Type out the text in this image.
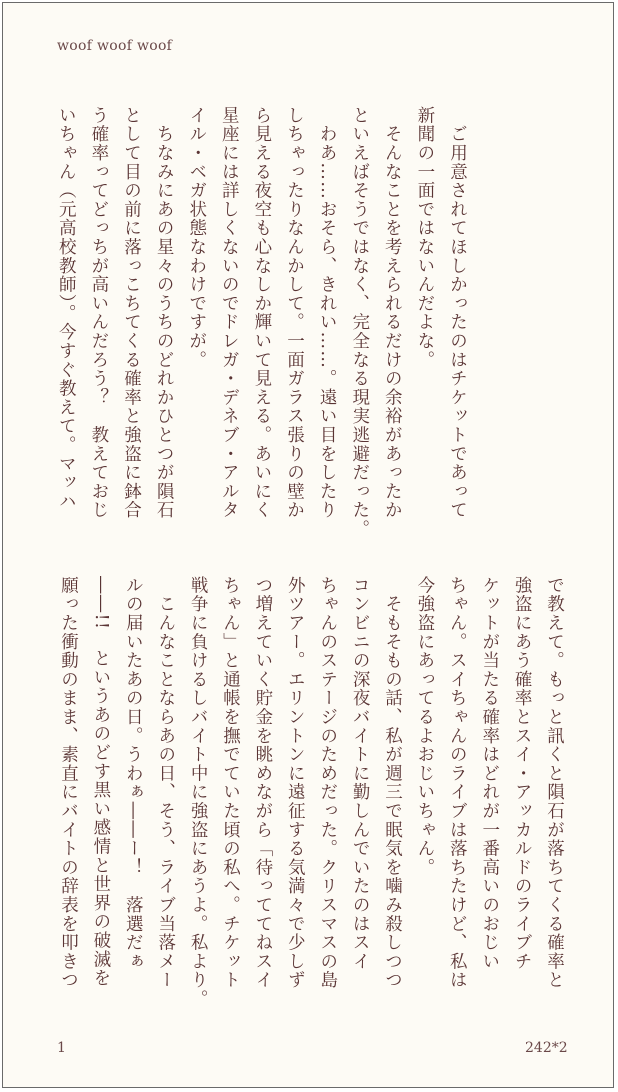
woof woof woof
　ご用意されてほしかったのはチケットであって
新聞の一面ではないんだよな。
　そんなことを考えられるだけの余裕があったか
といえばそうではなく、完全なる現実逃避だった。
　わあ……おそら、きれい……。遠い目をしたり
しちゃったりなんかして。一面ガラス張りの壁か
ら見える夜空も心なしか輝いて見える。あいにく
星座には詳しくないのでドレガ・デネブ・アルタ
イル・ベガ状態なわけですが。
　ちなみにあの星々のうちのどれかひとつが隕石
として目の前に落っこちてくる確率と強盗に鉢合
う確率ってどっちが高いんだろう？　教えておじ
いちゃん（元高校教師）。今すぐ教えて。マッハ
で教えて。もっと訊くと隕石が落ちてくる確率と
強盗にあう確率とスイ・アッカルドのライブチ
ケットが当たる確率はどれが一番高いのおじい
ちゃん。スイちゃんのライブは落ちたけど、私は
今強盗にあってるよおじいちゃん。
　そもそもの話、私が週三で眠気を噛み殺しつつ
コンビニの深夜バイトに勤しんでいたのはスイ
ちゃんのステージのためだった。クリスマスの島
外ツアー。エリントンに遠征する気満々で少しず
つ増えていく貯金を眺めながら「待っててねスイ
ちゃん」と通帳を撫でていた頃の私へ。チケット
戦争に負けるしバイト中に強盗にあうよ。私より。
　こんなことならあの日、そう、ライブ当落メー
ルの届いたあの日。うわぁ――ー！　落選だぁ
――!!　というあのどす黒い感情と世界の破滅を
願った衝動のまま、素直にバイトの辞表を叩きつ
1	242*2
